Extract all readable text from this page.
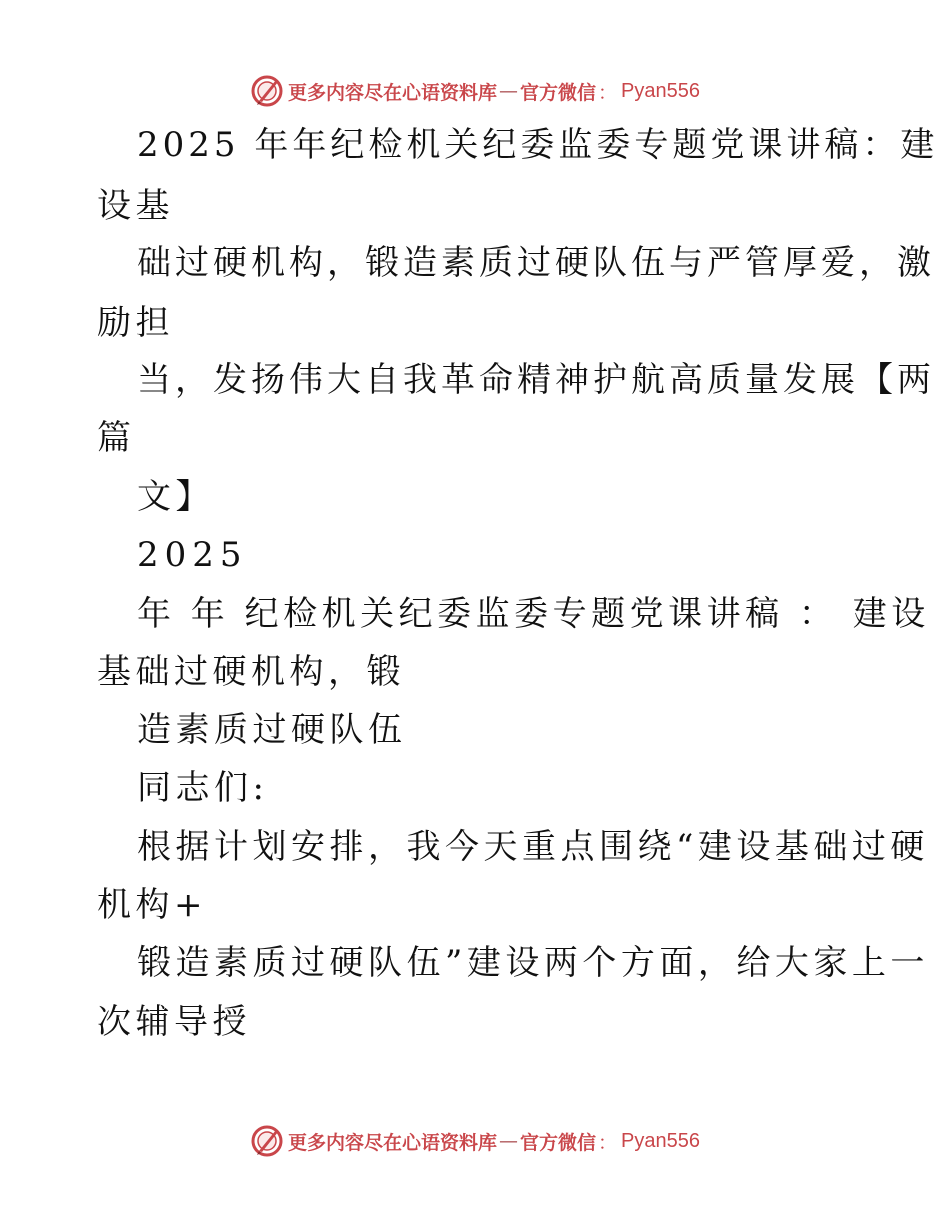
更多内容尽在心语资料库 — 官方微信 ： Pyan556
2025 年年纪检机关纪委监委专题党课讲稿：建
设基
础过硬机构，锻造素质过硬队伍与严管厚爱，激
励担
当，发扬伟大自我革命精神护航高质量发展【两
篇
文】
2025
年 年 纪检机关纪委监委专题党课讲稿 ： 建设
基础过硬机构，锻
造素质过硬队伍
同志们:
根据计划安排，我今天重点围绕“建设基础过硬
机构+
锻造素质过硬队伍”建设两个方面，给大家上一
次辅导授
更多内容尽在心语资料库 — 官方微信 ： Pyan556
